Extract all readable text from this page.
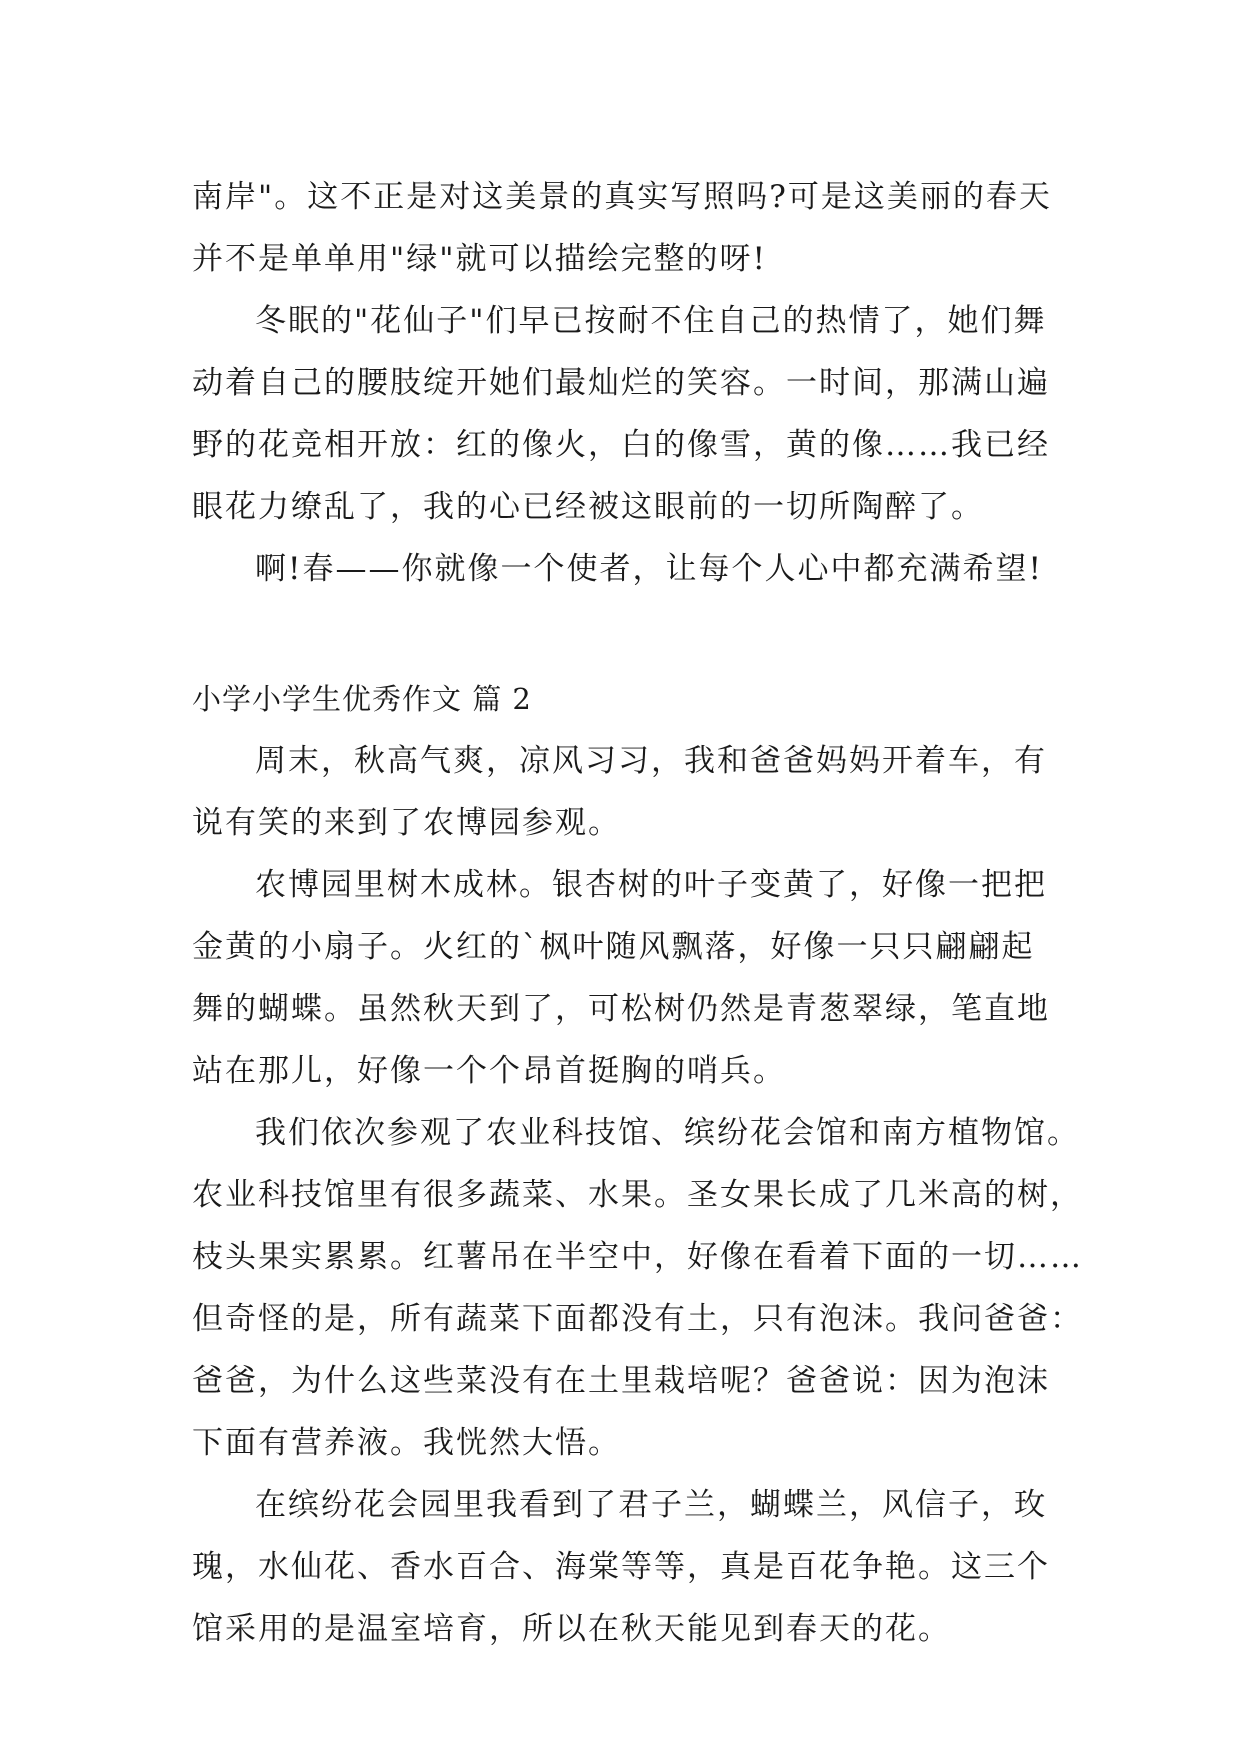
南岸"。这不正是对这美景的真实写照吗?可是这美丽的春天
并不是单单用"绿"就可以描绘完整的呀!
冬眠的"花仙子"们早已按耐不住自己的热情了，她们舞
动着自己的腰肢绽开她们最灿烂的笑容。一时间，那满山遍
野的花竞相开放：红的像火，白的像雪，黄的像……我已经
眼花力缭乱了，我的心已经被这眼前的一切所陶醉了。
啊!春——你就像一个使者，让每个人心中都充满希望!
小学小学生优秀作文 篇 2
周末，秋高气爽，凉风习习，我和爸爸妈妈开着车，有
说有笑的来到了农博园参观。
农博园里树木成林。银杏树的叶子变黄了，好像一把把
金黄的小扇子。火红的`枫叶随风飘落，好像一只只翩翩起
舞的蝴蝶。虽然秋天到了，可松树仍然是青葱翠绿，笔直地
站在那儿，好像一个个昂首挺胸的哨兵。
我们依次参观了农业科技馆、缤纷花会馆和南方植物馆。
农业科技馆里有很多蔬菜、水果。圣女果长成了几米高的树，
枝头果实累累。红薯吊在半空中，好像在看着下面的一切……
但奇怪的是，所有蔬菜下面都没有土，只有泡沫。我问爸爸：
爸爸，为什么这些菜没有在土里栽培呢？爸爸说：因为泡沫
下面有营养液。我恍然大悟。
在缤纷花会园里我看到了君子兰，蝴蝶兰，风信子，玫
瑰，水仙花、香水百合、海棠等等，真是百花争艳。这三个
馆采用的是温室培育，所以在秋天能见到春天的花。
